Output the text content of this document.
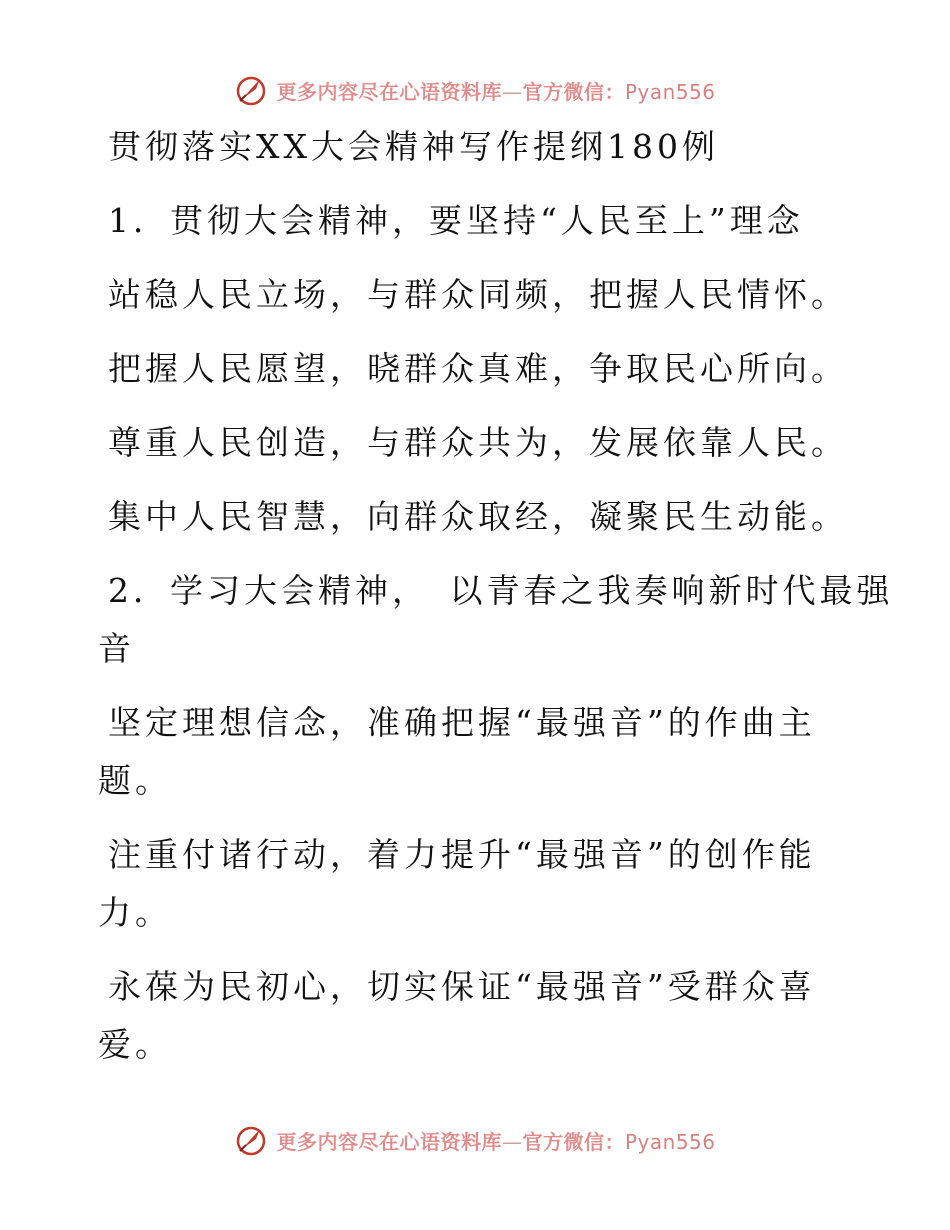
更多内容尽在心语资料库—官方微信：Pyan556
贯彻落实XX大会精神写作提纲180例
1．贯彻大会精神，要坚持“人民至上”理念
站稳人民立场，与群众同频，把握人民情怀。
把握人民愿望，晓群众真难，争取民心所向。
尊重人民创造，与群众共为，发展依靠人民。
集中人民智慧，向群众取经，凝聚民生动能。
2．学习大会精神，　以青春之我奏响新时代最强
音
坚定理想信念，准确把握“最强音”的作曲主
题。
注重付诸行动，着力提升“最强音”的创作能
力。
永葆为民初心，切实保证“最强音”受群众喜
爱。
更多内容尽在心语资料库—官方微信：Pyan556
